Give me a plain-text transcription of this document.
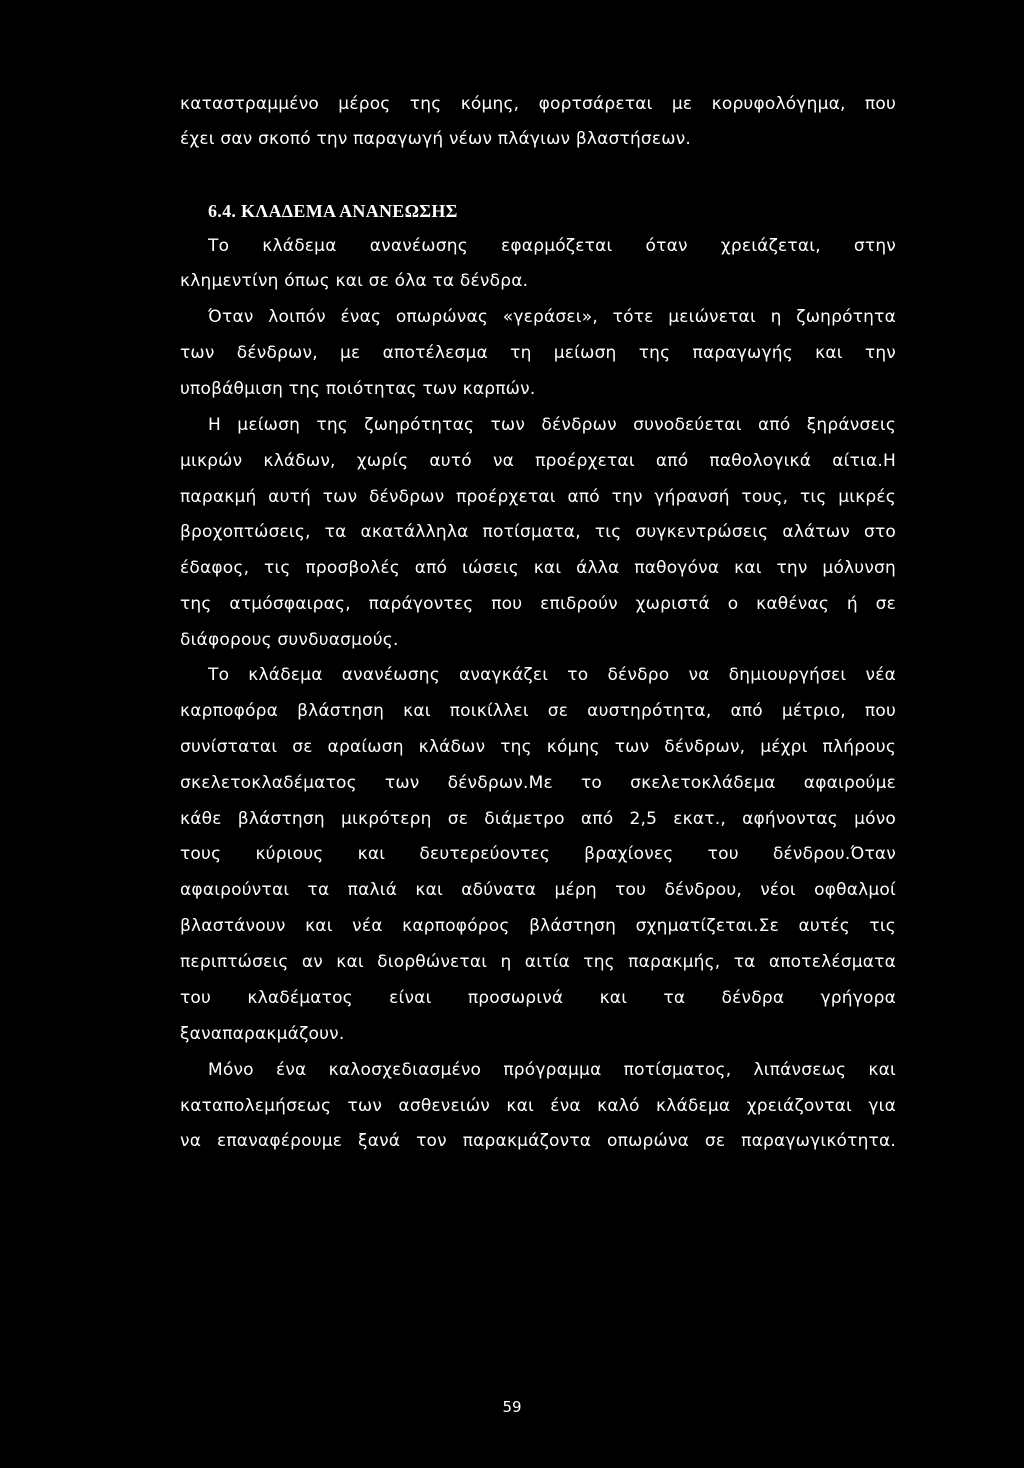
καταστραμμένο μέρος της κόμης, φορτσάρεται με κορυφολόγημα, που
έχει σαν σκοπό την παραγωγή νέων πλάγιων βλαστήσεων.
6.4. ΚΛΑΔΕΜΑ ΑΝΑΝΕΩΣΗΣ
Το κλάδεμα ανανέωσης εφαρμόζεται όταν χρειάζεται, στην
κλημεντίνη όπως και σε όλα τα δένδρα.
Όταν λοιπόν ένας οπωρώνας «γεράσει», τότε μειώνεται η ζωηρότητα
των δένδρων, με αποτέλεσμα τη μείωση της παραγωγής και την
υποβάθμιση της ποιότητας των καρπών.
Η μείωση της ζωηρότητας των δένδρων συνοδεύεται από ξηράνσεις
μικρών κλάδων, χωρίς αυτό να προέρχεται από παθολογικά αίτια.Η
παρακμή αυτή των δένδρων προέρχεται από την γήρανσή τους, τις μικρές
βροχοπτώσεις, τα ακατάλληλα ποτίσματα, τις συγκεντρώσεις αλάτων στο
έδαφος, τις προσβολές από ιώσεις και άλλα παθογόνα και την μόλυνση
της ατμόσφαιρας, παράγοντες που επιδρούν χωριστά ο καθένας ή σε
διάφορους συνδυασμούς.
Το κλάδεμα ανανέωσης αναγκάζει το δένδρο να δημιουργήσει νέα
καρποφόρα βλάστηση και ποικίλλει σε αυστηρότητα, από μέτριο, που
συνίσταται σε αραίωση κλάδων της κόμης των δένδρων, μέχρι πλήρους
σκελετοκλαδέματος των δένδρων.Με το σκελετοκλάδεμα αφαιρούμε
κάθε βλάστηση μικρότερη σε διάμετρο από 2,5 εκατ., αφήνοντας μόνο
τους κύριους και δευτερεύοντες βραχίονες του δένδρου.Όταν
αφαιρούνται τα παλιά και αδύνατα μέρη του δένδρου, νέοι οφθαλμοί
βλαστάνουν και νέα καρποφόρος βλάστηση σχηματίζεται.Σε αυτές τις
περιπτώσεις αν και διορθώνεται η αιτία της παρακμής, τα αποτελέσματα
του κλαδέματος είναι προσωρινά και τα δένδρα γρήγορα
ξαναπαρακμάζουν.
Μόνο ένα καλοσχεδιασμένο πρόγραμμα ποτίσματος, λιπάνσεως και
καταπολεμήσεως των ασθενειών και ένα καλό κλάδεμα χρειάζονται για
να επαναφέρουμε ξανά τον παρακμάζοντα οπωρώνα σε παραγωγικότητα.
59
